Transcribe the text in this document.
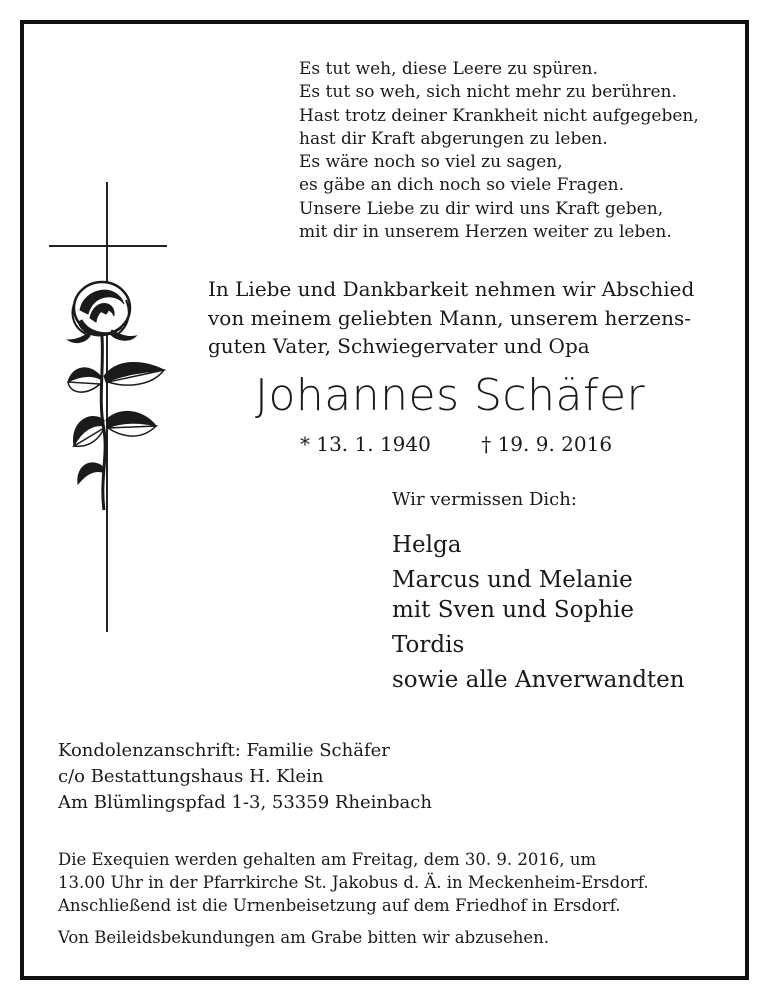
Es tut weh, diese Leere zu spüren.
Es tut so weh, sich nicht mehr zu berühren.
Hast trotz deiner Krankheit nicht aufgegeben,
hast dir Kraft abgerungen zu leben.
Es wäre noch so viel zu sagen,
es gäbe an dich noch so viele Fragen.
Unsere Liebe zu dir wird uns Kraft geben,
mit dir in unserem Herzen weiter zu leben.
In Liebe und Dankbarkeit nehmen wir Abschied
von meinem geliebten Mann, unserem herzens-
guten Vater, Schwiegervater und Opa
Johannes Schäfer
* 13. 1. 1940	† 19. 9. 2016
Wir vermissen Dich:
Helga
Marcus und Melanie
mit Sven und Sophie
Tordis
sowie alle Anverwandten
Kondolenzanschrift: Familie Schäfer
c/o Bestattungshaus H. Klein
Am Blümlingspfad 1-3, 53359 Rheinbach
Die Exequien werden gehalten am Freitag, dem 30. 9. 2016, um
13.00 Uhr in der Pfarrkirche St. Jakobus d. Ä. in Meckenheim-Ersdorf.
Anschließend ist die Urnenbeisetzung auf dem Friedhof in Ersdorf.
Von Beileidsbekundungen am Grabe bitten wir abzusehen.
